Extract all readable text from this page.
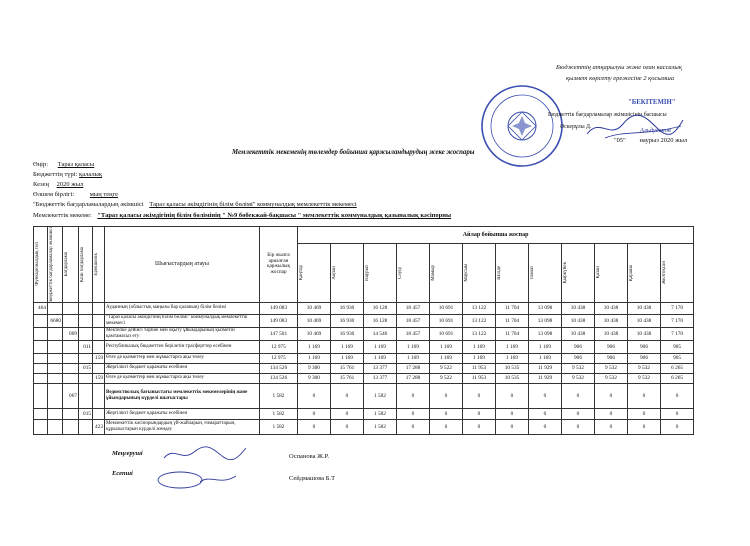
Бюджеттің атқарылуы және оған кассалық
қызмет көрсету ережесіне 2 қосымша
"БЕКІТЕМІН"
Бюджеттік бағдарламалар әкімшісінің басшысы
Әскерұлы Д.	Альдусенов
"05" наурыз 2020 жыл
Мемлекеттік мекеменің төлемдер бойынша қаржыландырудың жеке жоспары
Өңір: Тараз қаласы
Бюджеттің түрі: қалалық
Кезең 2020 жыл
Өлшем бірлігі: мың теңге
"Бюджеттік бағдарламалардың әкімшісі Тараз қаласы әкімдігінің білім бөлімі" коммуналдық мемлекеттік мекемесі
Мемлекеттік мекеме: "Тараз қаласы әкімдігінің білім бөлімінің " №9 бөбекжай-бақшасы " мемлекеттік коммуналдық қазыналық кәсіпорны
Функционалдық топ	Бюджеттік бағдарламалар әкімшісі	Бағдарлама	Кіші бағдарлама	Ерекшелік	Шығыстардың атауы	Бір жылға арналған қаржылық жоспар	Айлар бойынша жоспар											

							Қаңтар	Ақпан	Наурыз	Сәуір	Мамыр	Маусым	Шілде	Тамыз	Қыркүйек	Қазан	Қараша	Желтоқсан

464					Ауданның (облыстық маңызы бар қаланың) білім бөлімі	149 083	10 469	16 930	16 128	18 457	10 691	13 122	11 704	13 098	10 438	10 438	10 438	7 170
	6680				"Тараз қаласы әкімдігінің білім бөлімі" коммуналдық мемлекеттік мекемесі	149 083	10 469	16 930	16 128	18 457	10 691	13 122	11 704	13 098	10 438	10 438	10 438	7 170
		009			Мектепке дейінгі тәрбие мен оқыту ұйымдарының қызметін қамтамасыз ету	147 501	10 469	16 930	14 546	18 457	10 691	13 122	11 704	13 098	10 438	10 438	10 438	7 170
			011		Республикалық бюджеттен берілетін трасферттер есебінен	12 975	1 169	1 169	1 169	1 169	1 169	1 169	1 169	1 169	906	906	906	905
				159	Өзге де қызметтер мен жұмыстарға ақы төлеу	12 975	1 169	1 169	1 169	1 169	1 169	1 169	1 169	1 169	906	906	906	905
			015		Жергілікті бюджет қаражаты есебінен	134 526	9 300	15 761	13 377	17 288	9 522	11 953	10 535	11 929	9 532	9 532	9 532	6 265
				159	Өзге де қызметтер мен жұмыстарға ақы төлеу	134 526	9 300	15 761	13 377	17 288	9 522	11 953	10 535	11 929	9 532	9 532	9 532	6 265
		067			Ведомстволық бағыныстағы мемлекеттік мекемелерінің және ұйымдарының күрделі шығыстары	1 582	0	0	1 582	0	0	0	0	0	0	0	0	0
			015		Жергілікті бюджет қаражаты есебінен	1 582	0	0	1 582	0	0	0	0	0	0	0	0	0
				423	Мемлекеттік кәсіпорындардың үй-жайларын, ғимараттарын, құрылыстарын күрделі жөндеу	1 582	0	0	1 582	0	0	0	0	0	0	0	0	0
Меңгеруші	Оспанова Ж.Р.
Есепші
Сейдмашова Б.Т
